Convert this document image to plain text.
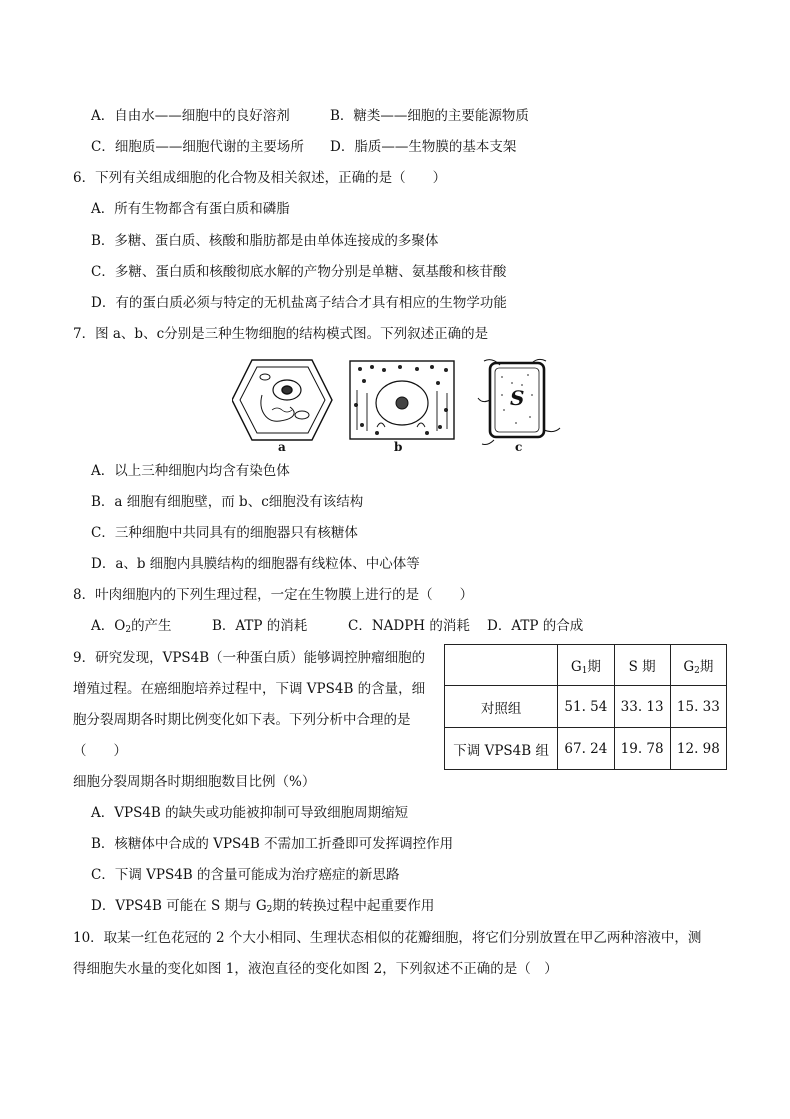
A．自由水——细胞中的良好溶剂	B．糖类——细胞的主要能源物质
C．细胞质——细胞代谢的主要场所 D．脂质——生物膜的基本支架
6．下列有关组成细胞的化合物及相关叙述，正确的是（　　）
A．所有生物都含有蛋白质和磷脂
B．多糖、蛋白质、核酸和脂肪都是由单体连接成的多聚体
C．多糖、蛋白质和核酸彻底水解的产物分别是单糖、氨基酸和核苷酸
D．有的蛋白质必须与特定的无机盐离子结合才具有相应的生物学功能
7．图 a、b、c分别是三种生物细胞的结构模式图。下列叙述正确的是
a	b	c
S
A．以上三种细胞内均含有染色体
B．a 细胞有细胞壁，而 b、c细胞没有该结构
C．三种细胞中共同具有的细胞器只有核糖体
D．a、b 细胞内具膜结构的细胞器有线粒体、中心体等
8．叶肉细胞内的下列生理过程，一定在生物膜上进行的是（　　）
A．$O_2$的产生	B．ATP 的消耗	C．NADPH 的消耗 D．ATP 的合成
9．研究发现，VPS4B（一种蛋白质）能够调控肿瘤细胞的
增殖过程。在癌细胞培养过程中，下调 VPS4B 的含量，细
胞分裂周期各时期比例变化如下表。下列分析中合理的是
（　　）
细胞分裂周期各时期细胞数目比例（%）
	$G_1$期	S 期	$G_2$期
对照组	51. 54	33. 13	15. 33
下调 VPS4B 组	67. 24	19. 78	12. 98
A．VPS4B 的缺失或功能被抑制可导致细胞周期缩短
B．核糖体中合成的 VPS4B 不需加工折叠即可发挥调控作用
C．下调 VPS4B 的含量可能成为治疗癌症的新思路
D．VPS4B 可能在 S 期与 $G_2$期的转换过程中起重要作用
10．取某一红色花冠的 2 个大小相同、生理状态相似的花瓣细胞，将它们分别放置在甲乙两种溶液中，测
得细胞失水量的变化如图 1，液泡直径的变化如图 2，下列叙述不正确的是（　）
